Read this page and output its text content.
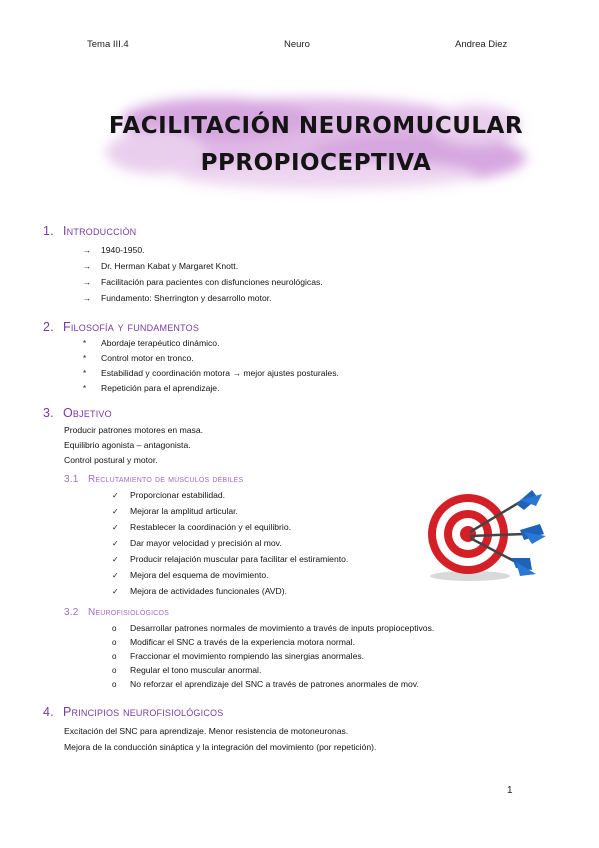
Tema III.4	Neuro	Andrea Diez
FACILITACIÓN NEUROMUCULAR
PPROPIOCEPTIVA
1. Introducción
→ 1940-1950.
→ Dr. Herman Kabat y Margaret Knott.
→ Facilitación para pacientes con disfunciones neurológicas.
→ Fundamento: Sherrington y desarrollo motor.
2. Filosofía y fundamentos
* Abordaje terapéutico dinámico.
* Control motor en tronco.
* Estabilidad y coordinación motora → mejor ajustes posturales.
* Repetición para el aprendizaje.
3. Objetivo
Producir patrones motores en masa.
Equilibrio agonista – antagonista.
Control postural y motor.
3.1 Reclutamiento de músculos débiles
✓ Proporcionar estabilidad.
✓ Mejorar la amplitud articular.
✓ Restablecer la coordinación y el equilibrio.
✓ Dar mayor velocidad y precisión al mov.
✓ Producir relajación muscular para facilitar el estiramiento.
✓ Mejora del esquema de movimiento.
✓ Mejora de actividades funcionales (AVD).
3.2 Neurofisiológicos
o Desarrollar patrones normales de movimiento a través de inputs propioceptivos.
o Modificar el SNC a través de la experiencia motora normal.
o Fraccionar el movimiento rompiendo las sinergias anormales.
o Regular el tono muscular anormal.
o No reforzar el aprendizaje del SNC a través de patrones anormales de mov.
4. Principios neurofisiológicos
Excitación del SNC para aprendizaje. Menor resistencia de motoneuronas.
Mejora de la conducción sináptica y la integración del movimiento (por repetición).
1
